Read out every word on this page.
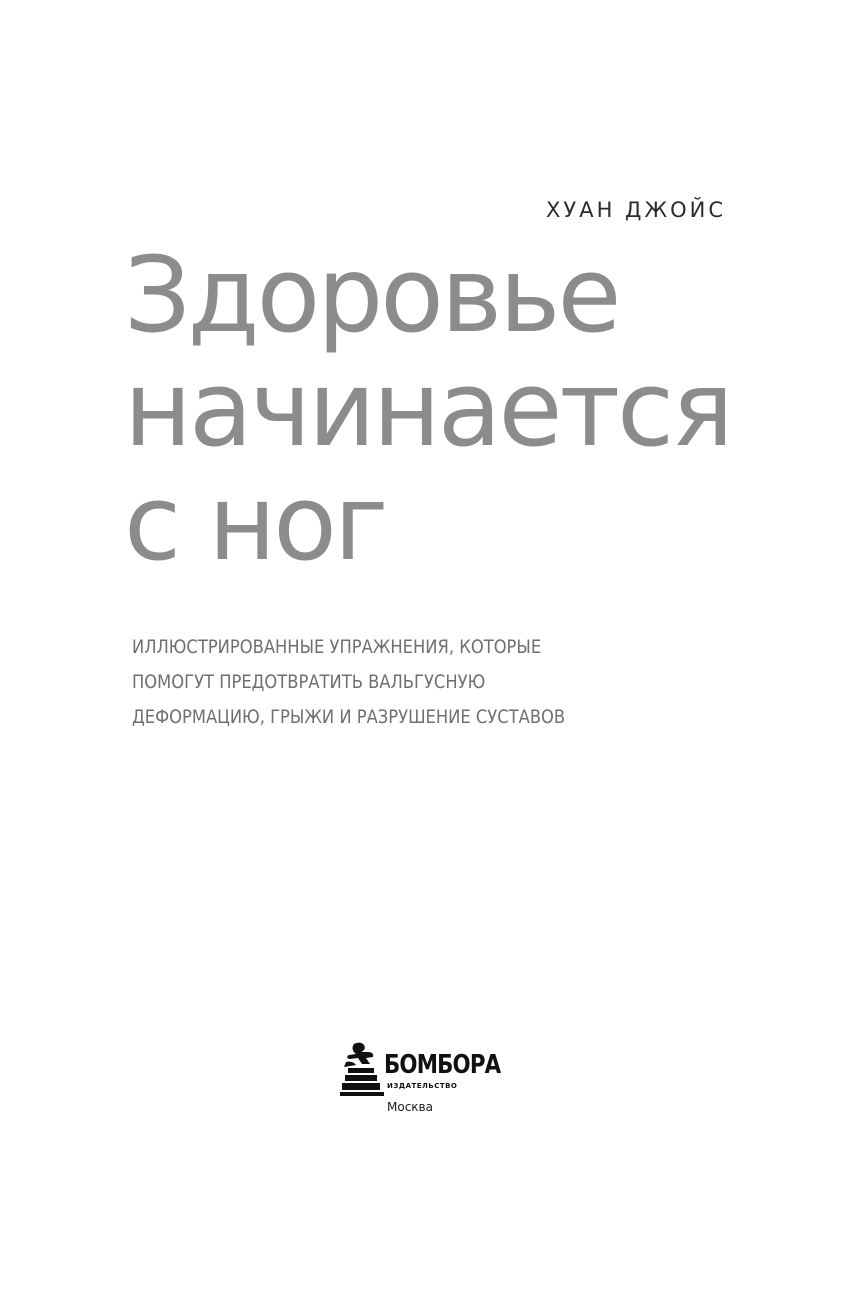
ХУАН ДЖОЙС
Здоровье
начинается
с ног
ИЛЛЮСТРИРОВАННЫЕ УПРАЖНЕНИЯ, КОТОРЫЕ
ПОМОГУТ ПРЕДОТВРАТИТЬ ВАЛЬГУСНУЮ
ДЕФОРМАЦИЮ, ГРЫЖИ И РАЗРУШЕНИЕ СУСТАВОВ
БОМБОРА
ИЗДАТЕЛЬСТВО
Москва
